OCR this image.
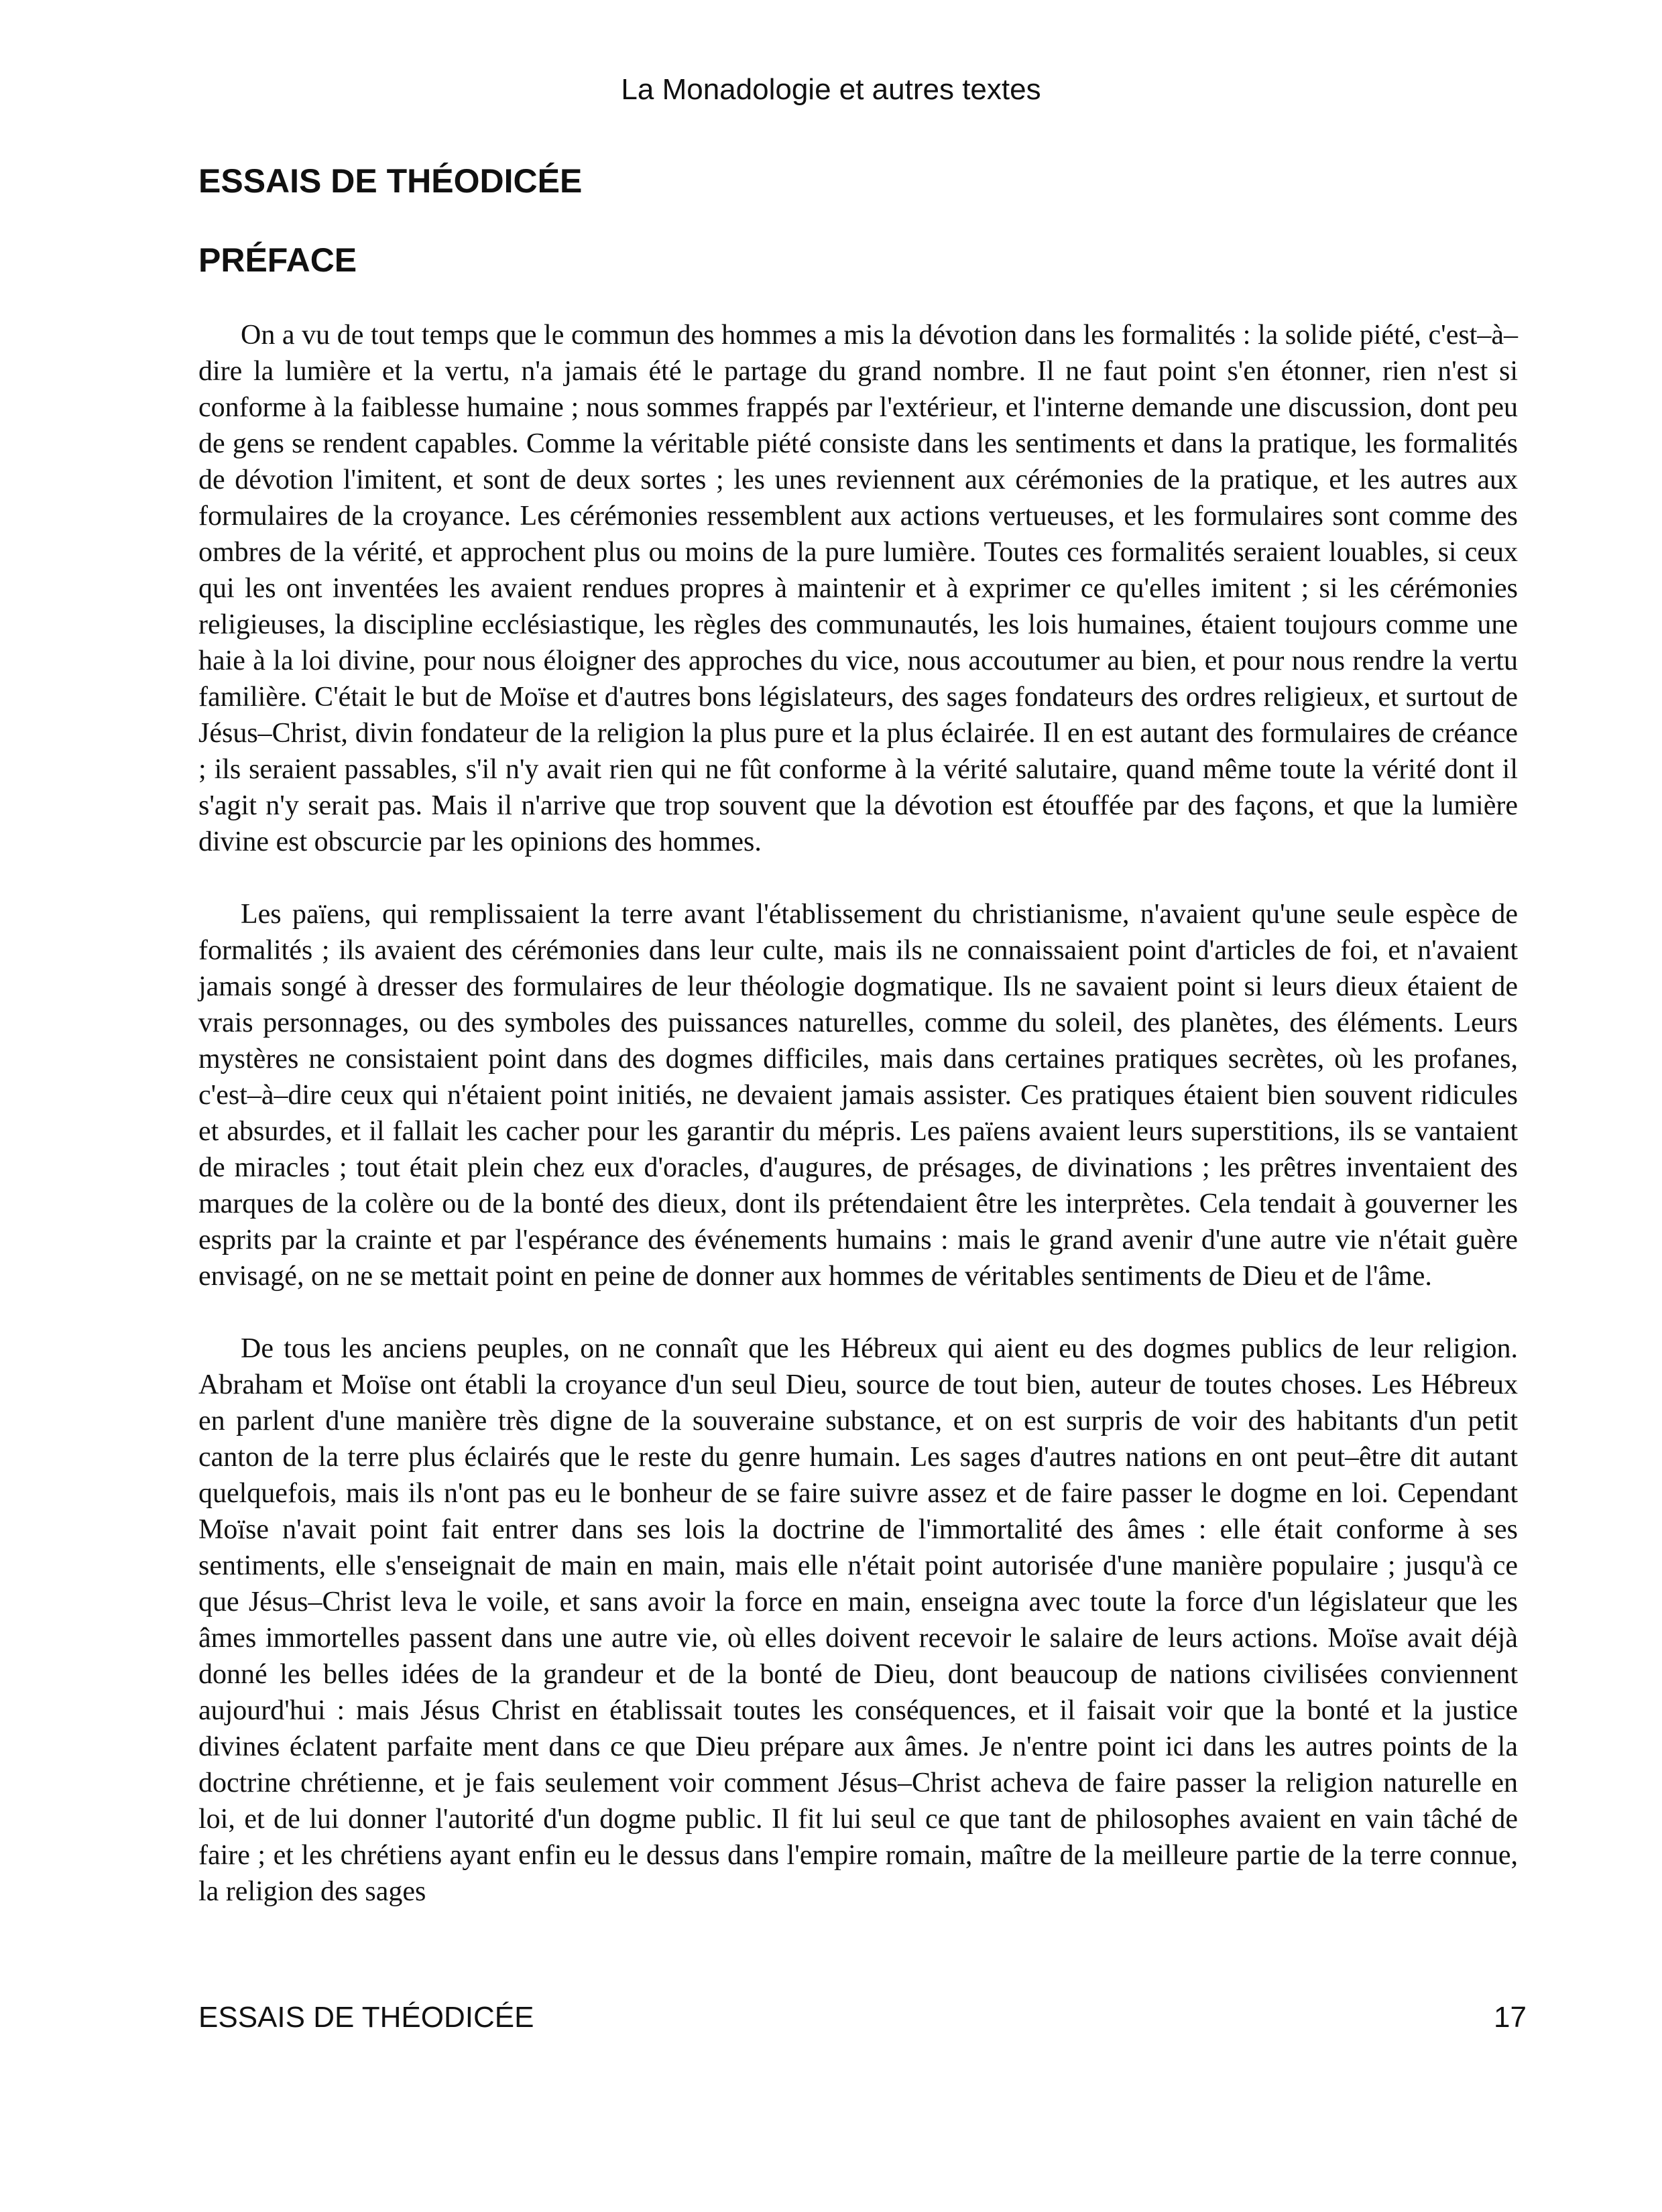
La Monadologie et autres textes
ESSAIS DE THÉODICÉE
PRÉFACE

On a vu de tout temps que le commun des hommes a mis la dévotion dans les formalités : la solide piété, c'est–à–dire la lumière et la vertu, n'a jamais été le partage du grand nombre. Il ne faut point s'en étonner, rien n'est si conforme à la faiblesse humaine ; nous sommes frappés par l'extérieur, et l'interne demande une discussion, dont peu de gens se rendent capables. Comme la véritable piété consiste dans les sentiments et dans la pratique, les formalités de dévotion l'imitent, et sont de deux sortes ; les unes reviennent aux cérémonies de la pratique, et les autres aux formulaires de la croyance. Les cérémonies ressemblent aux actions vertueuses, et les formulaires sont comme des ombres de la vérité, et approchent plus ou moins de la pure lumière. Toutes ces formalités seraient louables, si ceux qui les ont inventées les avaient rendues propres à maintenir et à exprimer ce qu'elles imitent ; si les cérémonies religieuses, la discipline ecclésiastique, les règles des communautés, les lois humaines, étaient toujours comme une haie à la loi divine, pour nous éloigner des approches du vice, nous accoutumer au bien, et pour nous rendre la vertu familière. C'était le but de Moïse et d'autres bons législateurs, des sages fondateurs des ordres religieux, et surtout de Jésus–Christ, divin fondateur de la religion la plus pure et la plus éclairée. Il en est autant des formulaires de créance ; ils seraient passables, s'il n'y avait rien qui ne fût conforme à la vérité salutaire, quand même toute la vérité dont il s'agit n'y serait pas. Mais il n'arrive que trop souvent que la dévotion est étouffée par des façons, et que la lumière divine est obscurcie par les opinions des hommes.

Les païens, qui remplissaient la terre avant l'établissement du christianisme, n'avaient qu'une seule espèce de formalités ; ils avaient des cérémonies dans leur culte, mais ils ne connaissaient point d'articles de foi, et n'avaient jamais songé à dresser des formulaires de leur théologie dogmatique. Ils ne savaient point si leurs dieux étaient de vrais personnages, ou des symboles des puissances naturelles, comme du soleil, des planètes, des éléments. Leurs mystères ne consistaient point dans des dogmes difficiles, mais dans certaines pratiques secrètes, où les profanes, c'est–à–dire ceux qui n'étaient point initiés, ne devaient jamais assister. Ces pratiques étaient bien souvent ridicules et absurdes, et il fallait les cacher pour les garantir du mépris. Les païens avaient leurs superstitions, ils se vantaient de miracles ; tout était plein chez eux d'oracles, d'augures, de présages, de divinations ; les prêtres inventaient des marques de la colère ou de la bonté des dieux, dont ils prétendaient être les interprètes. Cela tendait à gouverner les esprits par la crainte et par l'espérance des événements humains : mais le grand avenir d'une autre vie n'était guère envisagé, on ne se mettait point en peine de donner aux hommes de véritables sentiments de Dieu et de l'âme.

De tous les anciens peuples, on ne connaît que les Hébreux qui aient eu des dogmes publics de leur religion. Abraham et Moïse ont établi la croyance d'un seul Dieu, source de tout bien, auteur de toutes choses. Les Hébreux en parlent d'une manière très digne de la souveraine substance, et on est surpris de voir des habitants d'un petit canton de la terre plus éclairés que le reste du genre humain. Les sages d'autres nations en ont peut–être dit autant quelquefois, mais ils n'ont pas eu le bonheur de se faire suivre assez et de faire passer le dogme en loi. Cependant Moïse n'avait point fait entrer dans ses lois la doctrine de l'immortalité des âmes : elle était conforme à ses sentiments, elle s'enseignait de main en main, mais elle n'était point autorisée d'une manière populaire ; jusqu'à ce que Jésus–Christ leva le voile, et sans avoir la force en main, enseigna avec toute la force d'un législateur que les âmes immortelles passent dans une autre vie, où elles doivent recevoir le salaire de leurs actions. Moïse avait déjà donné les belles idées de la grandeur et de la bonté de Dieu, dont beaucoup de nations civilisées conviennent aujourd'hui : mais Jésus Christ en établissait toutes les conséquences, et il faisait voir que la bonté et la justice divines éclatent parfaite ment dans ce que Dieu prépare aux âmes. Je n'entre point ici dans les autres points de la doctrine chrétienne, et je fais seulement voir comment Jésus–Christ acheva de faire passer la religion naturelle en loi, et de lui donner l'autorité d'un dogme public. Il fit lui seul ce que tant de philosophes avaient en vain tâché de faire ; et les chrétiens ayant enfin eu le dessus dans l'empire romain, maître de la meilleure partie de la terre connue, la religion des sages

ESSAIS DE THÉODICÉE	17
